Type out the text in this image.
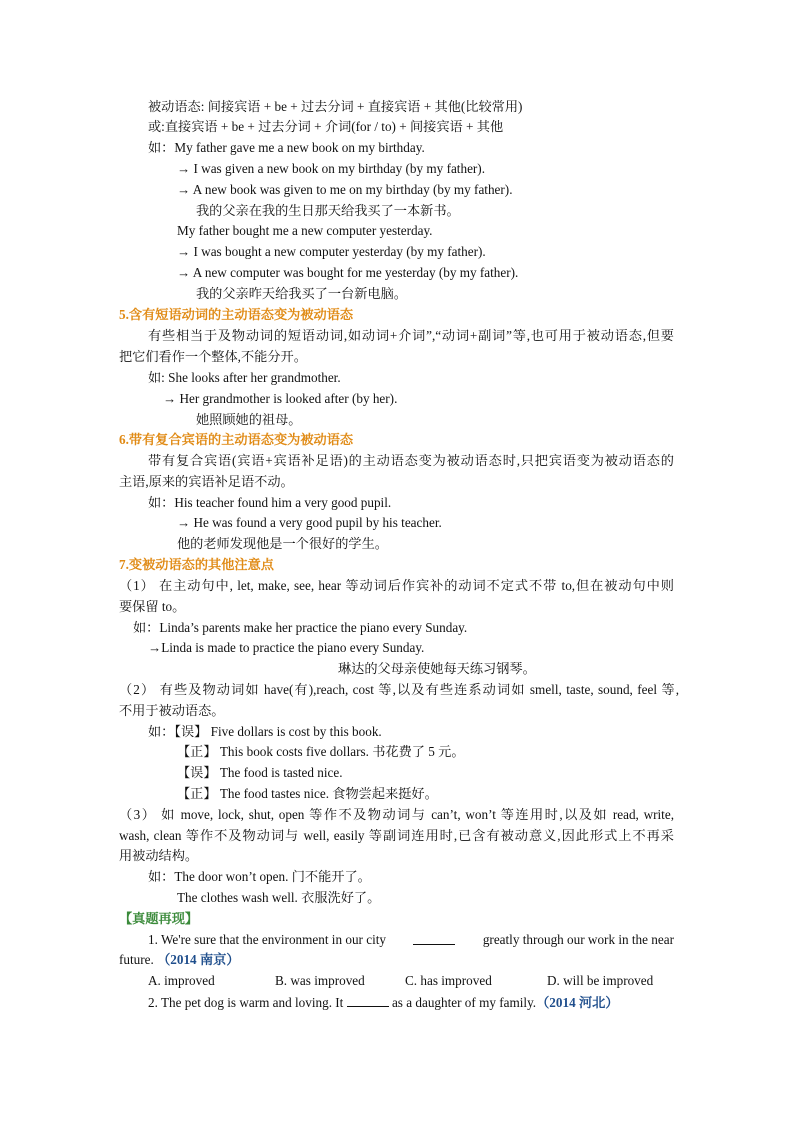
被动语态: 间接宾语 + be + 过去分词 + 直接宾语 + 其他(比较常用)
或:直接宾语 + be + 过去分词 + 介词(for / to) + 间接宾语 + 其他
如：My father gave me a new book on my birthday.
→ I was given a new book on my birthday (by my father).
→ A new book was given to me on my birthday (by my father).
我的父亲在我的生日那天给我买了一本新书。
My father bought me a new computer yesterday.
→ I was bought a new computer yesterday (by my father).
→ A new computer was bought for me yesterday (by my father).
我的父亲昨天给我买了一台新电脑。
5.含有短语动词的主动语态变为被动语态
有些相当于及物动词的短语动词,如动词+介词”,“动词+副词”等,也可用于被动语态,但要
把它们看作一个整体,不能分开。
如: She looks after her grandmother.
→ Her grandmother is looked after (by her).
她照顾她的祖母。
6.带有复合宾语的主动语态变为被动语态
带有复合宾语(宾语+宾语补足语)的主动语态变为被动语态时,只把宾语变为被动语态的
主语,原来的宾语补足语不动。
如：His teacher found him a very good pupil.
→ He was found a very good pupil by his teacher.
他的老师发现他是一个很好的学生。
7.变被动语态的其他注意点
（1） 在主动句中, let, make, see, hear 等动词后作宾补的动词不定式不带 to,但在被动句中则
要保留 to。
如：Linda’s parents make her practice the piano every Sunday.
→Linda is made to practice the piano every Sunday.
琳达的父母亲使她每天练习钢琴。
（2） 有些及物动词如 have(有),reach, cost 等,以及有些连系动词如 smell, taste, sound, feel 等,
不用于被动语态。
如：【误】 Five dollars is cost by this book.
【正】 This book costs five dollars. 书花费了 5 元。
【误】 The food is tasted nice.
【正】 The food tastes nice. 食物尝起来挺好。
（3） 如 move, lock, shut, open 等作不及物动词与 can’t, won’t 等连用时,以及如 read, write,
wash, clean 等作不及物动词与 well, easily 等副词连用时,已含有被动意义,因此形式上不再采
用被动结构。
如：The door won’t open. 门不能开了。
The clothes wash well. 衣服洗好了。
【真题再现】
1. We're sure that the environment in our city	greatly through our work in the near
future. （2014 南京）
A. improved	B. was improved	C. has improved	D. will be improved
2. The pet dog is warm and loving. It	as a daughter of my family.（2014 河北）
